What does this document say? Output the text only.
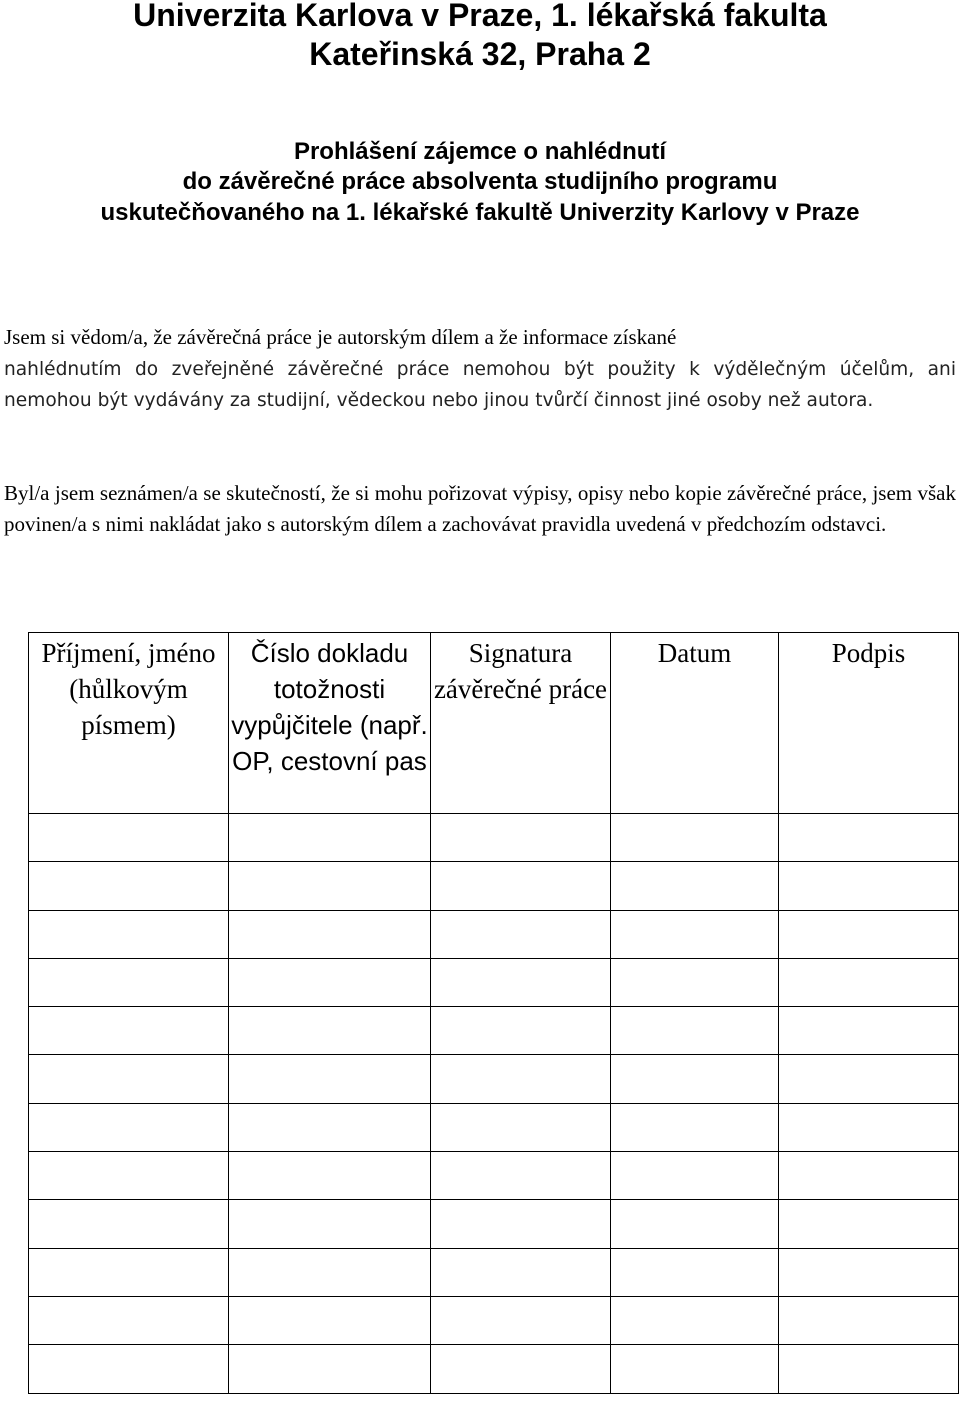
Univerzita Karlova v Praze, 1. lékařská fakulta
Kateřinská 32, Praha 2
Prohlášení zájemce o nahlédnutí
do závěrečné práce absolventa studijního programu
uskutečňovaného na 1. lékařské fakultě Univerzity Karlovy v Praze

Jsem si vědom/a, že závěrečná práce je autorským dílem a že informace získané

nahlédnutím do zveřejněné závěrečné práce nemohou být použity k výdělečným účelům, ani nemohou být vydávány za studijní, vědeckou nebo jinou tvůrčí činnost jiné osoby než autora.

Byl/a jsem seznámen/a se skutečností, že si mohu pořizovat výpisy, opisy nebo kopie závěrečné práce, jsem však povinen/a s nimi nakládat jako s autorským dílem a zachovávat pravidla uvedená v předchozím odstavci.

Příjmení, jméno (hůlkovým písmem)	Číslo dokladu totožnosti vypůjčitele (např. OP, cestovní pas	Signatura závěrečné práce	Datum	Podpis
